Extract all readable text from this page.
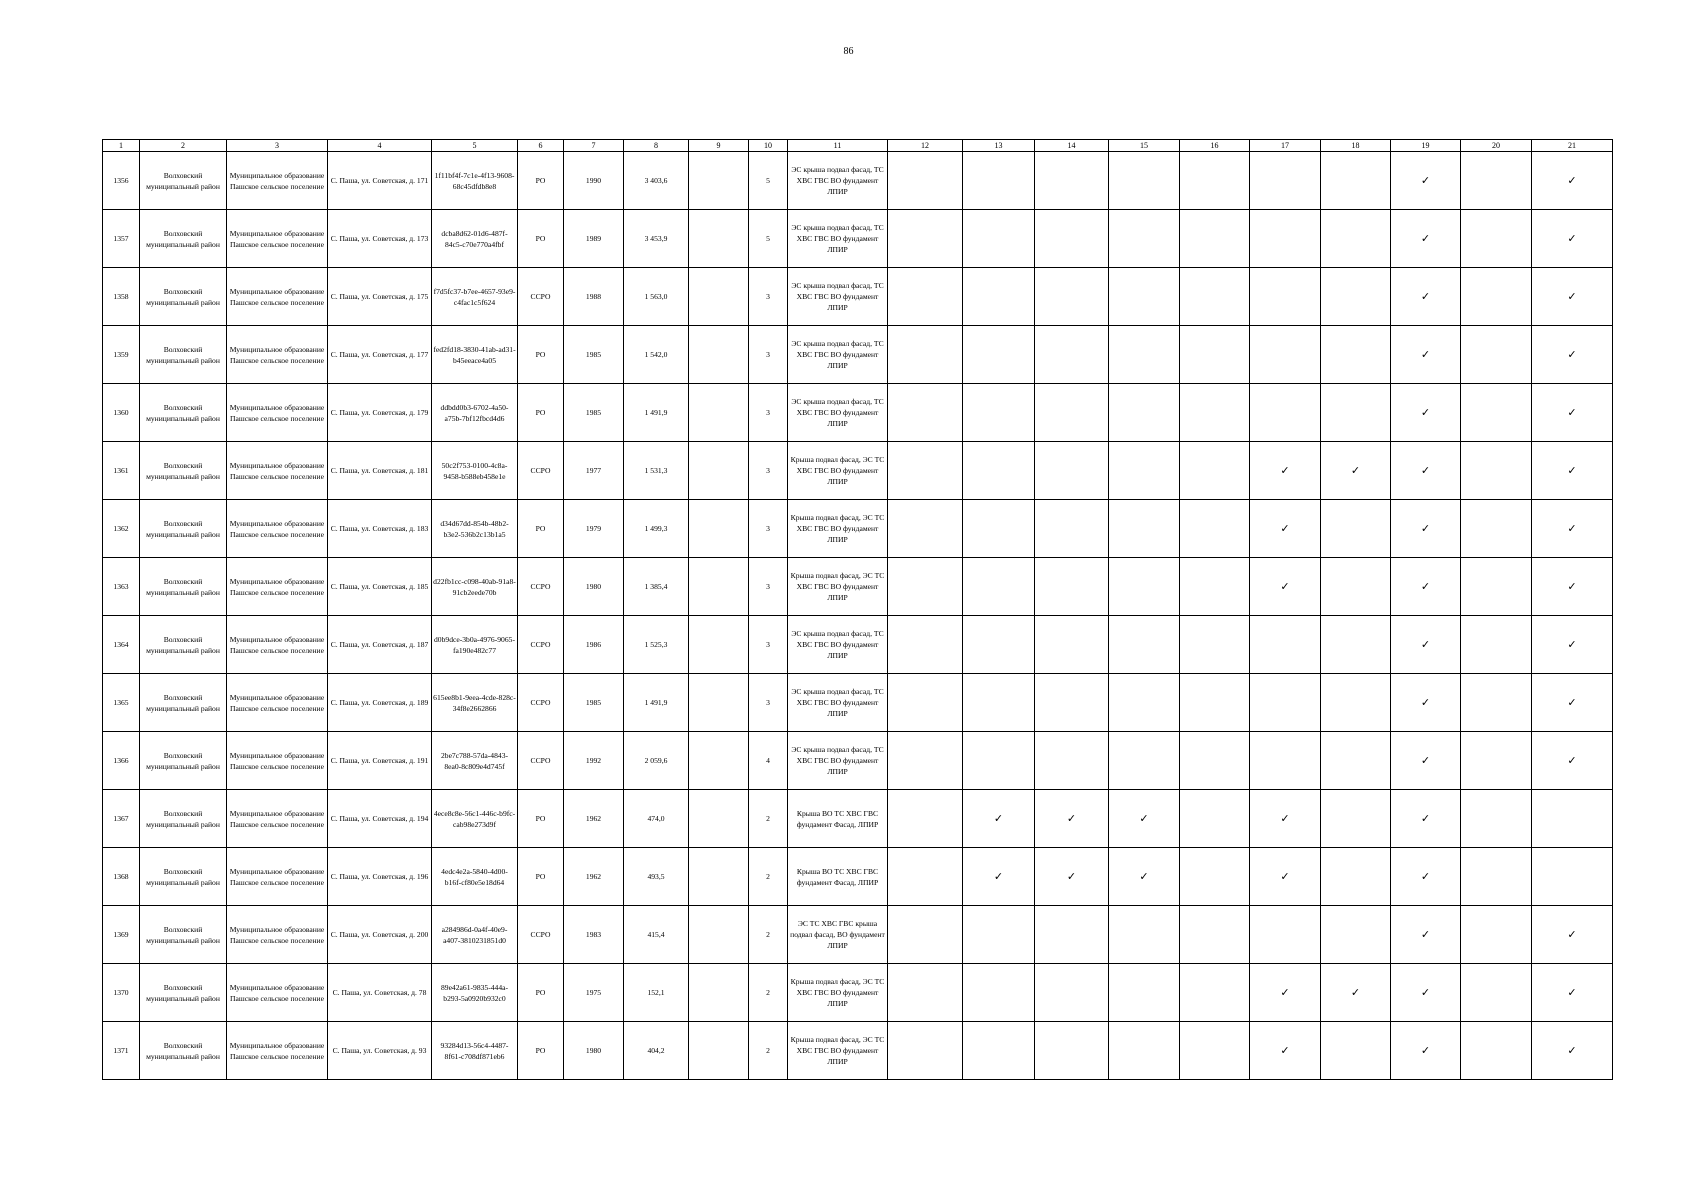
86
1	2	3	4	5	6	7	8	9	10	11	12	13	14	15	16	17	18	19	20	21
1356	Волховский муниципальный район	Муниципальное образование Пашское сельское поселение	С. Паша, ул. Советская, д. 171	1f11bf4f-7c1e-4f13-9608-68c45dfdb8e8	РО	1990	3 403,6		5	ЭС крыша подвал фасад, ТС ХВС ГВС ВО фундамент ЛПИР								✓		✓
1357	Волховский муниципальный район	Муниципальное образование Пашское сельское поселение	С. Паша, ул. Советская, д. 173	dcba8d62-01d6-487f-84c5-c70e770a4fbf	РО	1989	3 453,9		5	ЭС крыша подвал фасад, ТС ХВС ГВС ВО фундамент ЛПИР								✓		✓
1358	Волховский муниципальный район	Муниципальное образование Пашское сельское поселение	С. Паша, ул. Советская, д. 175	f7d5fc37-b7ee-4657-93e9-c4fac1c5f624	ССРО	1988	1 563,0		3	ЭС крыша подвал фасад, ТС ХВС ГВС ВО фундамент ЛПИР								✓		✓
1359	Волховский муниципальный район	Муниципальное образование Пашское сельское поселение	С. Паша, ул. Советская, д. 177	fed2fd18-3830-41ab-ad31-b45eeace4a05	РО	1985	1 542,0		3	ЭС крыша подвал фасад, ТС ХВС ГВС ВО фундамент ЛПИР								✓		✓
1360	Волховский муниципальный район	Муниципальное образование Пашское сельское поселение	С. Паша, ул. Советская, д. 179	ddbdd0b3-6702-4a50-a75b-7bf12fbcd4d6	РО	1985	1 491,9		3	ЭС крыша подвал фасад, ТС ХВС ГВС ВО фундамент ЛПИР								✓		✓
1361	Волховский муниципальный район	Муниципальное образование Пашское сельское поселение	С. Паша, ул. Советская, д. 181	50c2f753-0100-4c8a-9458-b588eb458e1e	ССРО	1977	1 531,3		3	Крыша подвал фасад, ЭС ТС ХВС ГВС ВО фундамент ЛПИР						✓	✓	✓		✓
1362	Волховский муниципальный район	Муниципальное образование Пашское сельское поселение	С. Паша, ул. Советская, д. 183	d34d67dd-854b-48b2-b3e2-536b2c13b1a5	РО	1979	1 499,3		3	Крыша подвал фасад, ЭС ТС ХВС ГВС ВО фундамент ЛПИР						✓		✓		✓
1363	Волховский муниципальный район	Муниципальное образование Пашское сельское поселение	С. Паша, ул. Советская, д. 185	d22fb1cc-c098-40ab-91a8-91cb2eede70b	ССРО	1980	1 385,4		3	Крыша подвал фасад, ЭС ТС ХВС ГВС ВО фундамент ЛПИР						✓		✓		✓
1364	Волховский муниципальный район	Муниципальное образование Пашское сельское поселение	С. Паша, ул. Советская, д. 187	d0b9dce-3b0a-4976-9065-fa190e482c77	ССРО	1986	1 525,3		3	ЭС крыша подвал фасад, ТС ХВС ГВС ВО фундамент ЛПИР								✓		✓
1365	Волховский муниципальный район	Муниципальное образование Пашское сельское поселение	С. Паша, ул. Советская, д. 189	615ee8b1-9eea-4cde-828c-34f8e2662866	ССРО	1985	1 491,9		3	ЭС крыша подвал фасад, ТС ХВС ГВС ВО фундамент ЛПИР								✓		✓
1366	Волховский муниципальный район	Муниципальное образование Пашское сельское поселение	С. Паша, ул. Советская, д. 191	2be7c788-57da-4843-8ea0-8c809e4d745f	ССРО	1992	2 059,6		4	ЭС крыша подвал фасад, ТС ХВС ГВС ВО фундамент ЛПИР								✓		✓
1367	Волховский муниципальный район	Муниципальное образование Пашское сельское поселение	С. Паша, ул. Советская, д. 194	4ece8c8e-56c1-446c-b9fc-cab98e273d9f	РО	1962	474,0		2	Крыша ВО ТС ХВС ГВС фундамент Фасад, ЛПИР		✓	✓	✓		✓		✓		
1368	Волховский муниципальный район	Муниципальное образование Пашское сельское поселение	С. Паша, ул. Советская, д. 196	4edc4e2a-5840-4d00-b16f-cf80e5e18d64	РО	1962	493,5		2	Крыша ВО ТС ХВС ГВС фундамент Фасад, ЛПИР		✓	✓	✓		✓		✓		
1369	Волховский муниципальный район	Муниципальное образование Пашское сельское поселение	С. Паша, ул. Советская, д. 200	a284986d-0a4f-40e9-a407-3810231851d0	ССРО	1983	415,4		2	ЭС ТС ХВС ГВС крыша подвал фасад, ВО фундамент ЛПИР								✓		✓
1370	Волховский муниципальный район	Муниципальное образование Пашское сельское поселение	С. Паша, ул. Советская, д. 78	89e42a61-9835-444a-b293-5a0920b932c0	РО	1975	152,1		2	Крыша подвал фасад, ЭС ТС ХВС ГВС ВО фундамент ЛПИР						✓	✓	✓		✓
1371	Волховский муниципальный район	Муниципальное образование Пашское сельское поселение	С. Паша, ул. Советская, д. 93	93284d13-56c4-4487-8f61-c708df871eb6	РО	1980	404,2		2	Крыша подвал фасад, ЭС ТС ХВС ГВС ВО фундамент ЛПИР						✓		✓		✓
